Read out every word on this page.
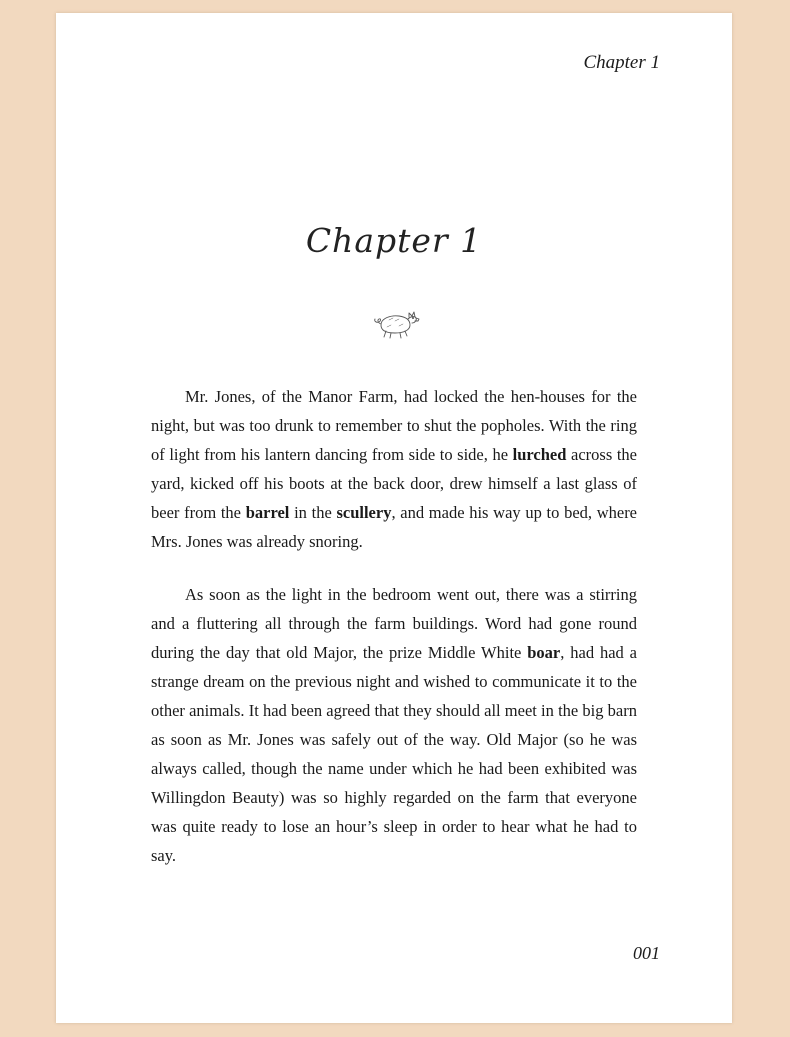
Chapter 1
Chapter 1

Mr. Jones, of the Manor Farm, had locked the hen-houses for the night, but was too drunk to remember to shut the popholes. With the ring of light from his lantern dancing from side to side, he lurched across the yard, kicked off his boots at the back door, drew himself a last glass of beer from the barrel in the scullery, and made his way up to bed, where Mrs. Jones was already snoring.

As soon as the light in the bedroom went out, there was a stirring and a fluttering all through the farm buildings. Word had gone round during the day that old Major, the prize Middle White boar, had had a strange dream on the previous night and wished to communicate it to the other animals. It had been agreed that they should all meet in the big barn as soon as Mr. Jones was safely out of the way. Old Major (so he was always called, though the name under which he had been exhibited was Willingdon Beauty) was so highly regarded on the farm that everyone was quite ready to lose an hour’s sleep in order to hear what he had to say.

001
